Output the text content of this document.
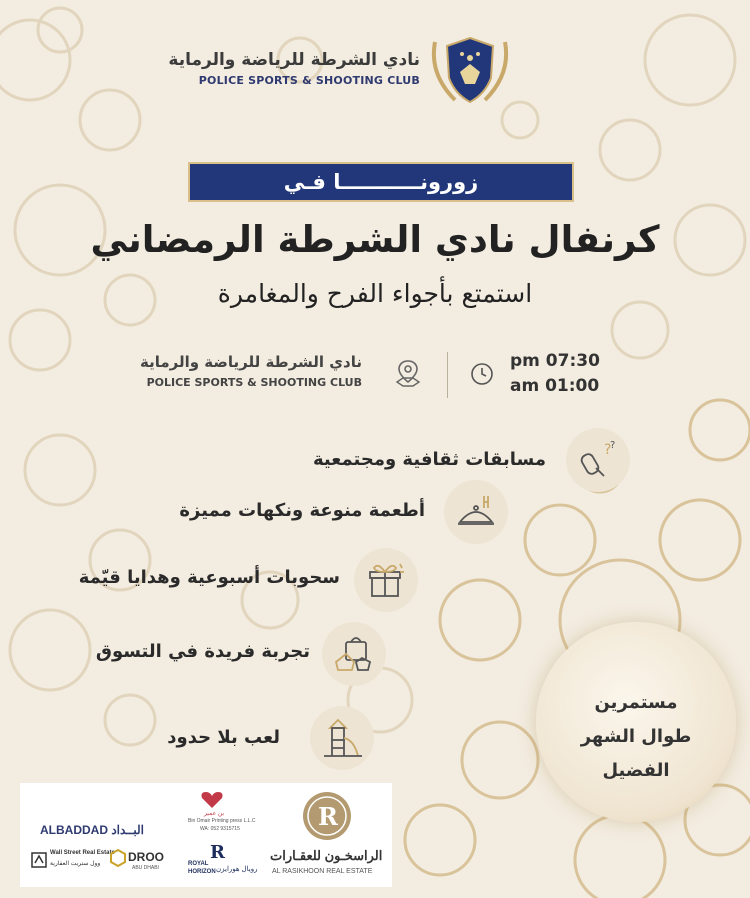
نادي الشرطة للرياضة والرماية
POLICE SPORTS & SHOOTING CLUB
زورونـــــــــــا فـي
كرنفال نادي الشرطة الرمضاني
استمتع بأجواء الفرح والمغامرة
pm 07:30
am 01:00
نادي الشرطة للرياضة والرماية
POLICE SPORTS & SHOOTING CLUB
?
?
مسابقات ثقافية ومجتمعية
أطعمة منوعة ونكهات مميزة
سحوبات أسبوعية وهدايا قيّمة
تجربة فريدة في التسوق
لعب بلا حدود
مستمرين
طوال الشهر
الفضيل
ALBADDAD البــداد
بن عمير
Bin Omair Printing press L.L.C
WA: 052 9315715	R
الراسخـون للعقـارات
AL RASIKHOON REAL ESTATE
Wall Street Real Estate
وول ستريت العقارية DROO
ABU DHABI
R
ROYAL
HORIZON رويال هورايزن
